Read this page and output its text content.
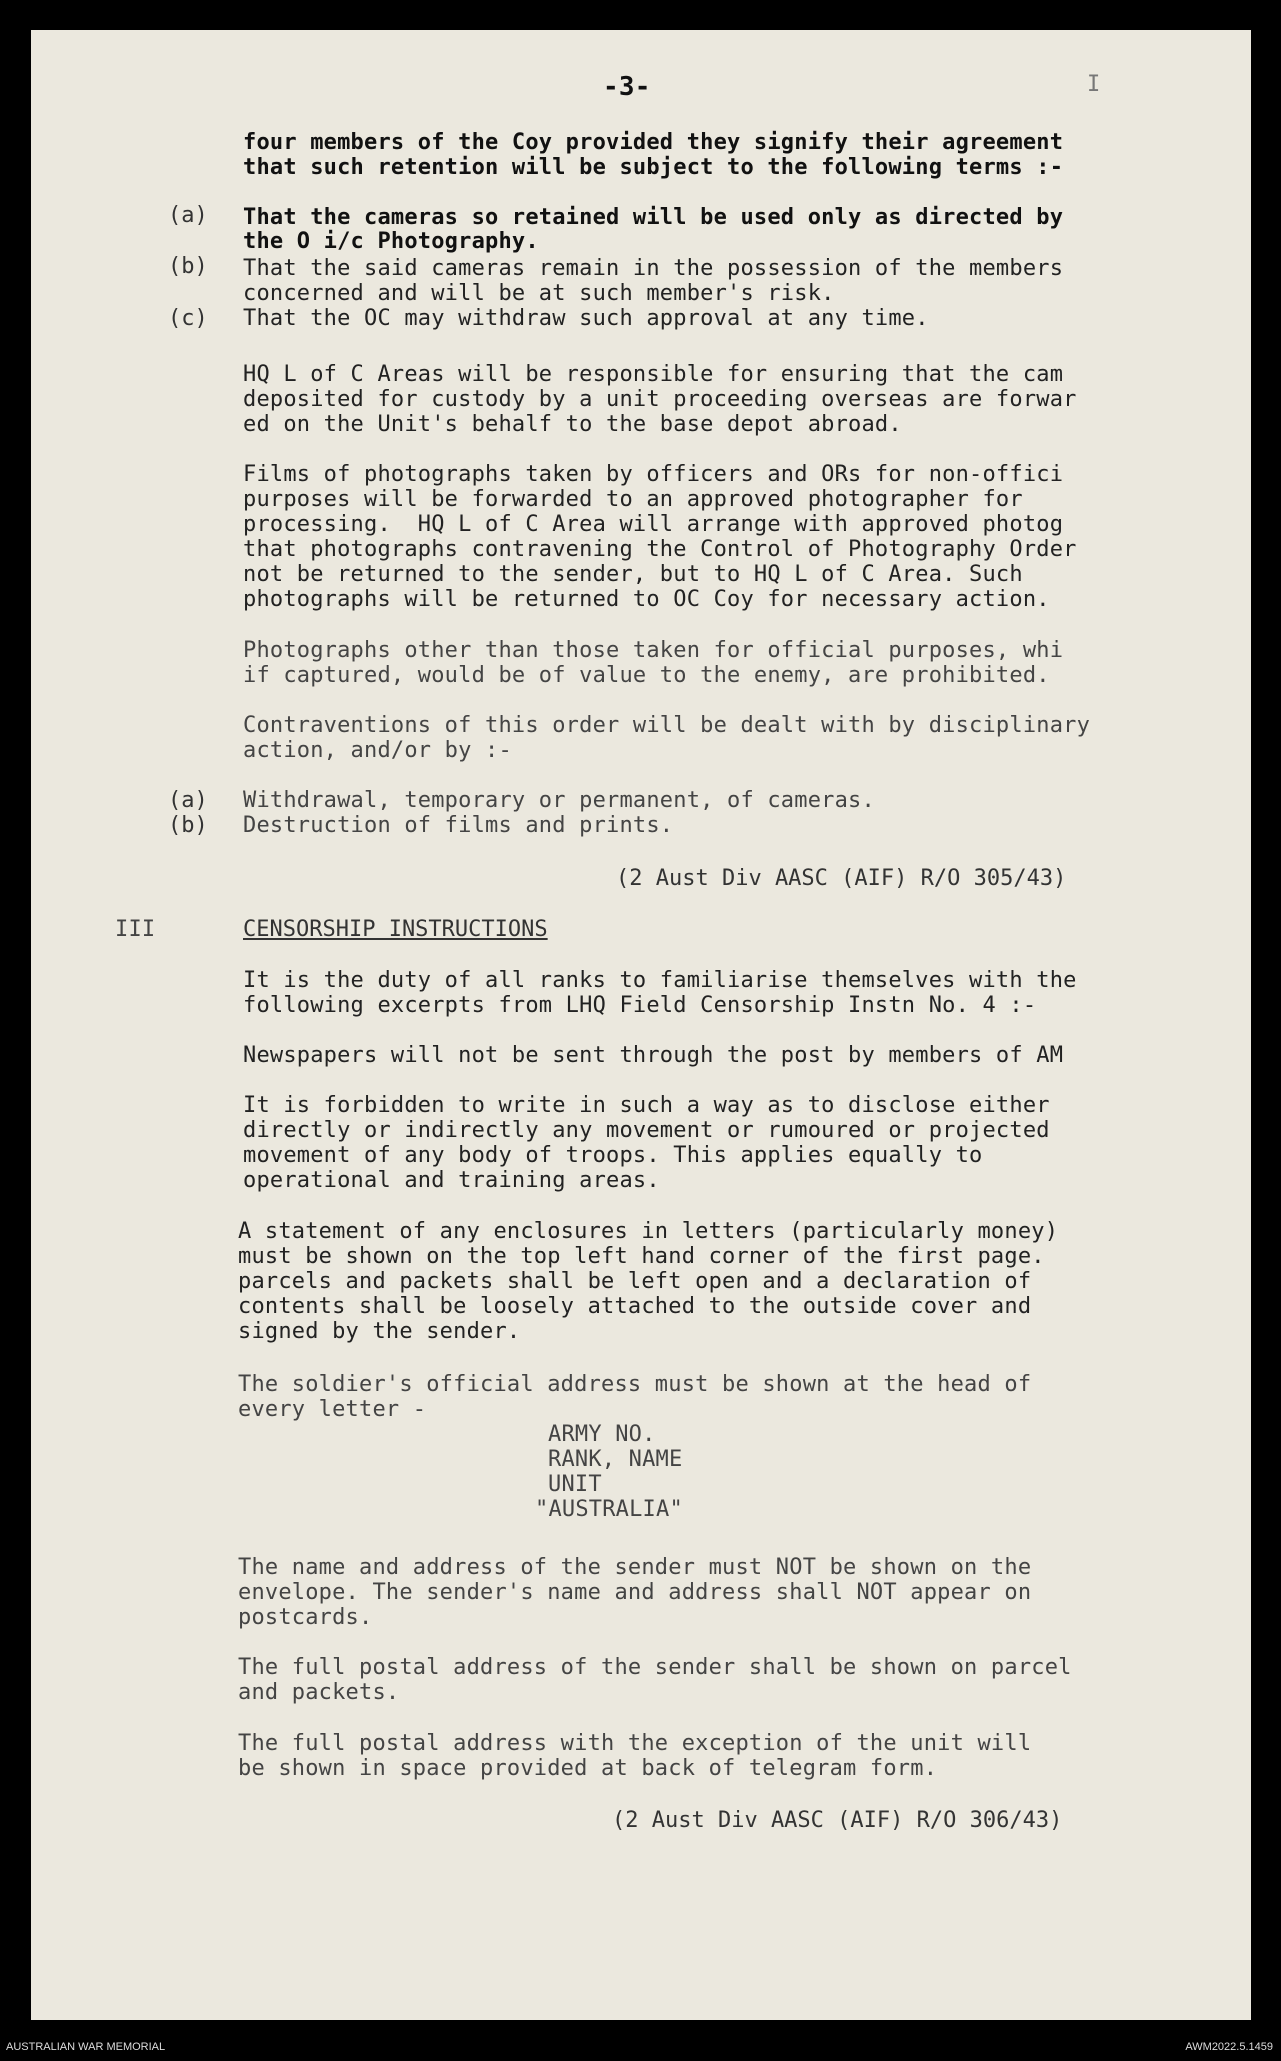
-3-	I
four members of the Coy provided they signify their agreement
that such retention will be subject to the following terms :-
(a) That the cameras so retained will be used only as directed by
the O i/c Photography.
(b) That the said cameras remain in the possession of the members
concerned and will be at such member's risk.
(c) That the OC may withdraw such approval at any time.
HQ L of C Areas will be responsible for ensuring that the cam
deposited for custody by a unit proceeding overseas are forwar
ed on the Unit's behalf to the base depot abroad.
Films of photographs taken by officers and ORs for non-offici
purposes will be forwarded to an approved photographer for
processing.  HQ L of C Area will arrange with approved photog
that photographs contravening the Control of Photography Order
not be returned to the sender, but to HQ L of C Area. Such
photographs will be returned to OC Coy for necessary action.
Photographs other than those taken for official purposes, whi
if captured, would be of value to the enemy, are prohibited.
Contraventions of this order will be dealt with by disciplinary
action, and/or by :-
(a) Withdrawal, temporary or permanent, of cameras.
(b) Destruction of films and prints.
(2 Aust Div AASC (AIF) R/O 305/43)
III	CENSORSHIP INSTRUCTIONS
It is the duty of all ranks to familiarise themselves with the
following excerpts from LHQ Field Censorship Instn No. 4 :-
Newspapers will not be sent through the post by members of AM
It is forbidden to write in such a way as to disclose either
directly or indirectly any movement or rumoured or projected
movement of any body of troops. This applies equally to
operational and training areas.
A statement of any enclosures in letters (particularly money)
must be shown on the top left hand corner of the first page.
parcels and packets shall be left open and a declaration of
contents shall be loosely attached to the outside cover and
signed by the sender.
The soldier's official address must be shown at the head of
every letter -
ARMY NO.
RANK, NAME
UNIT
"AUSTRALIA"
The name and address of the sender must NOT be shown on the
envelope. The sender's name and address shall NOT appear on
postcards.
The full postal address of the sender shall be shown on parcel
and packets.
The full postal address with the exception of the unit will
be shown in space provided at back of telegram form.
(2 Aust Div AASC (AIF) R/O 306/43)
AUSTRALIAN WAR MEMORIAL	AWM2022.5.1459
